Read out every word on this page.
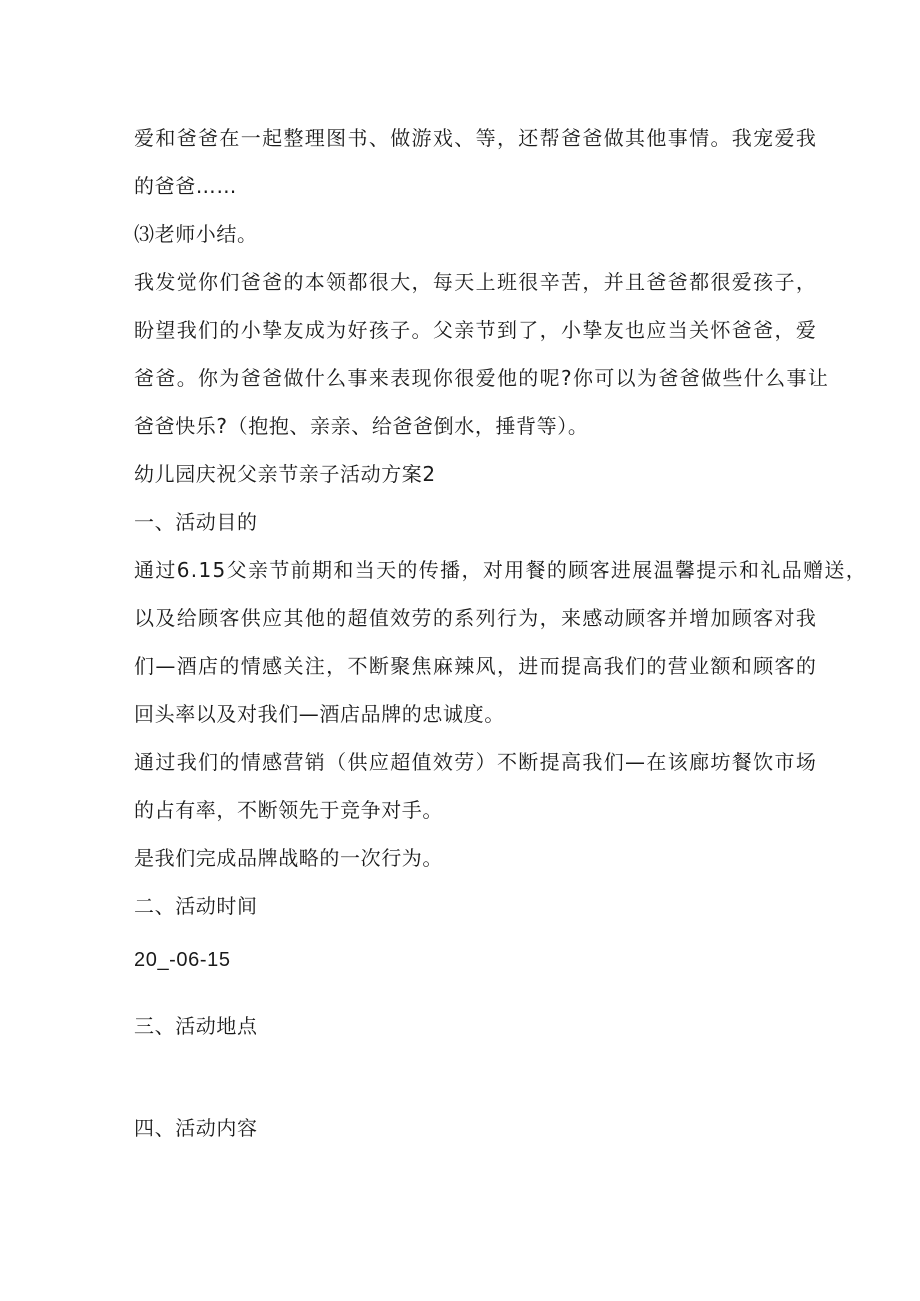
爱和爸爸在一起整理图书、做游戏、等，还帮爸爸做其他事情。我宠爱我
的爸爸……
⑶老师小结。
我发觉你们爸爸的本领都很大，每天上班很辛苦，并且爸爸都很爱孩子，
盼望我们的小挚友成为好孩子。父亲节到了，小挚友也应当关怀爸爸，爱
爸爸。你为爸爸做什么事来表现你很爱他的呢?你可以为爸爸做些什么事让
爸爸快乐?（抱抱、亲亲、给爸爸倒水，捶背等）。
幼儿园庆祝父亲节亲子活动方案2
一、活动目的
通过6.15父亲节前期和当天的传播，对用餐的顾客进展温馨提示和礼品赠送，
以及给顾客供应其他的超值效劳的系列行为，来感动顾客并增加顾客对我
们—酒店的情感关注，不断聚焦麻辣风，进而提高我们的营业额和顾客的
回头率以及对我们—酒店品牌的忠诚度。
通过我们的情感营销（供应超值效劳）不断提高我们—在该廊坊餐饮市场
的占有率，不断领先于竞争对手。
是我们完成品牌战略的一次行为。
二、活动时间
20_-06-15
三、活动地点
四、活动内容
